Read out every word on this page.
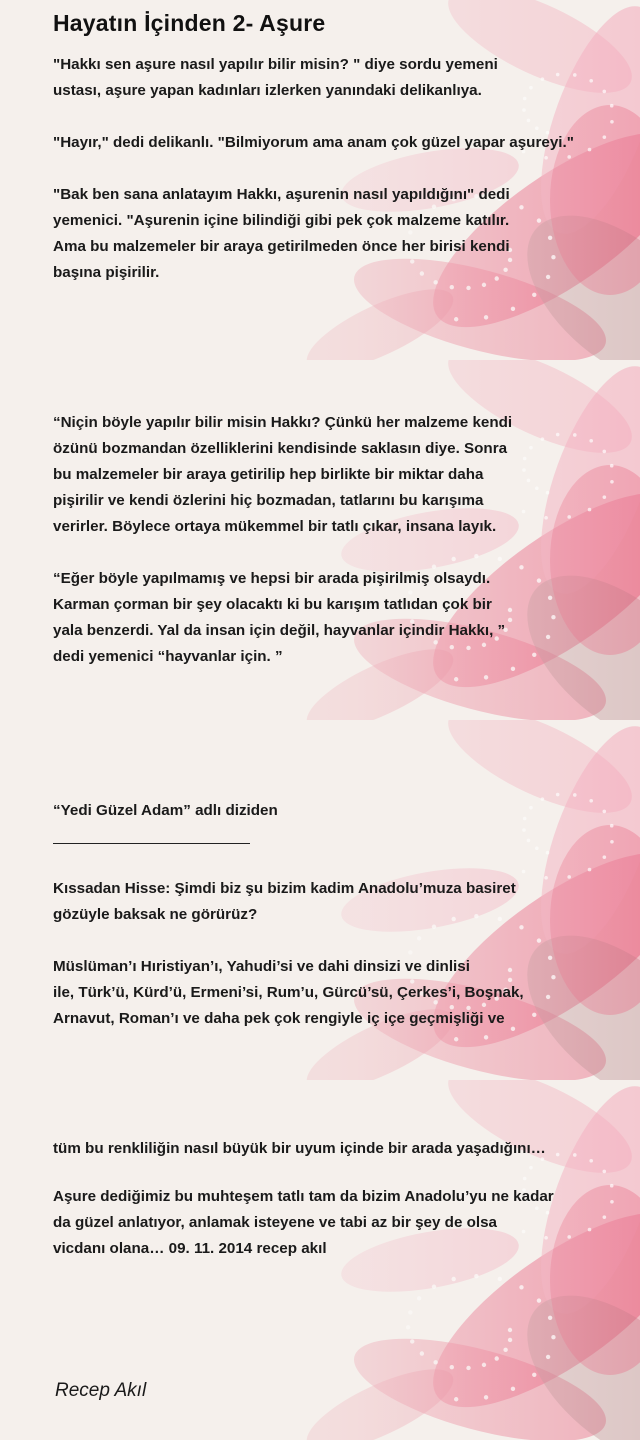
Hayatın İçinden 2- Aşure

"Hakkı sen aşure nasıl yapılır bilir misin? " diye sordu yemeni
ustası, aşure yapan kadınları izlerken yanındaki delikanlıya.

"Hayır," dedi delikanlı. "Bilmiyorum ama anam çok güzel yapar aşureyi."

"Bak ben sana anlatayım Hakkı, aşurenin nasıl yapıldığını" dedi
yemenici. "Aşurenin içine bilindiği gibi pek çok malzeme katılır.
Ama bu malzemeler bir araya getirilmeden önce her birisi kendi
başına pişirilir.

“Niçin böyle yapılır bilir misin Hakkı? Çünkü her malzeme kendi
özünü bozmandan özelliklerini kendisinde saklasın diye. Sonra
bu malzemeler bir araya getirilip hep birlikte bir miktar daha
pişirilir ve kendi özlerini hiç bozmadan, tatlarını bu karışıma
verirler. Böylece ortaya mükemmel bir tatlı çıkar, insana layık.

“Eğer böyle yapılmamış ve hepsi bir arada pişirilmiş olsaydı.
Karman çorman bir şey olacaktı ki bu karışım tatlıdan çok bir
yala benzerdi. Yal da insan için değil, hayvanlar içindir Hakkı, ”
dedi yemenici “hayvanlar için. ”

“Yedi Güzel Adam” adlı diziden

Kıssadan Hisse: Şimdi biz şu bizim kadim Anadolu’muza basiret
gözüyle baksak ne görürüz?

Müslüman’ı Hıristiyan’ı, Yahudi’si ve dahi dinsizi ve dinlisi
ile, Türk’ü, Kürd’ü, Ermeni’si, Rum’u, Gürcü’sü, Çerkes’i, Boşnak,
Arnavut, Roman’ı ve daha pek çok rengiyle iç içe geçmişliği ve

tüm bu renkliliğin nasıl büyük bir uyum içinde bir arada yaşadığını…

Aşure dediğimiz bu muhteşem tatlı tam da bizim Anadolu’yu ne kadar
da güzel anlatıyor, anlamak isteyene ve tabi az bir şey de olsa
vicdanı olana… 09. 11. 2014 recep akıl

Recep Akıl
